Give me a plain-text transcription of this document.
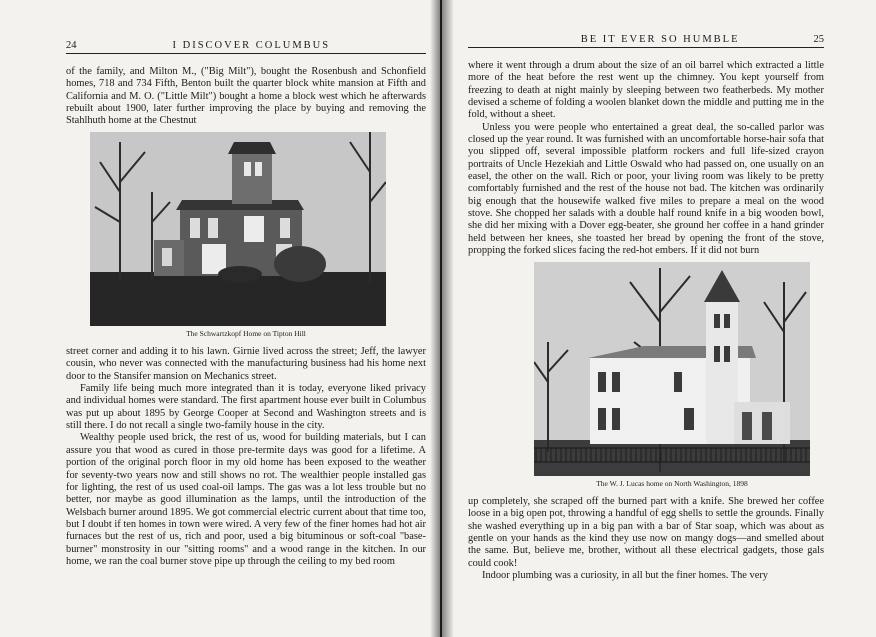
24	I DISCOVER COLUMBUS

of the family, and Milton M., ("Big Milt"), bought the Rosenbush and Schonfield homes, 718 and 734 Fifth, Benton built the quarter block white mansion at Fifth and California and M. O. ("Little Milt") bought a home a block west which he afterwards rebuilt about 1900, later further improving the place by buying and removing the Stahlhuth home at the Chestnut

The Schwartzkopf Home on Tipton Hill

street corner and adding it to his lawn. Girnie lived across the street; Jeff, the lawyer cousin, who never was connected with the manufacturing business had his home next door to the Stansifer mansion on Mechanics street.

Family life being much more integrated than it is today, everyone liked privacy and individual homes were standard. The first apartment house ever built in Columbus was put up about 1895 by George Cooper at Second and Washington streets and is still there. I do not recall a single two-family house in the city.

Wealthy people used brick, the rest of us, wood for building materials, but I can assure you that wood as cured in those pre-termite days was good for a lifetime. A portion of the original porch floor in my old home has been exposed to the weather for seventy-two years now and still shows no rot. The wealthier people installed gas for lighting, the rest of us used coal-oil lamps. The gas was a lot less trouble but no better, nor maybe as good illumination as the lamps, until the introduction of the Welsbach burner around 1895. We got commercial electric current about that time too, but I doubt if ten homes in town were wired. A very few of the finer homes had hot air furnaces but the rest of us, rich and poor, used a big bituminous or soft-coal "base-burner" monstrosity in our "sitting rooms" and a wood range in the kitchen. In our home, we ran the coal burner stove pipe up through the ceiling to my bed room

BE IT EVER SO HUMBLE	25

where it went through a drum about the size of an oil barrel which extracted a little more of the heat before the rest went up the chimney. You kept yourself from freezing to death at night mainly by sleeping between two featherbeds. My mother devised a scheme of folding a woolen blanket down the middle and putting me in the fold, without a sheet.

Unless you were people who entertained a great deal, the so-called parlor was closed up the year round. It was furnished with an uncomfortable horse-hair sofa that you slipped off, several impossible platform rockers and full life-sized crayon portraits of Uncle Hezekiah and Little Oswald who had passed on, one usually on an easel, the other on the wall. Rich or poor, your living room was likely to be pretty comfortably furnished and the rest of the house not bad. The kitchen was ordinarily big enough that the housewife walked five miles to prepare a meal on the wood stove. She chopped her salads with a double half round knife in a big wooden bowl, she did her mixing with a Dover egg-beater, she ground her coffee in a hand grinder held between her knees, she toasted her bread by opening the front of the stove, propping the forked slices facing the red-hot embers. If it did not burn

The W. J. Lucas home on North Washington, 1898

up completely, she scraped off the burned part with a knife. She brewed her coffee loose in a big open pot, throwing a handful of egg shells to settle the grounds. Finally she washed everything up in a big pan with a bar of Star soap, which was about as gentle on your hands as the kind they use now on mangy dogs—and smelled about the same. But, believe me, brother, without all these electrical gadgets, those gals could cook!

Indoor plumbing was a curiosity, in all but the finer homes. The very
